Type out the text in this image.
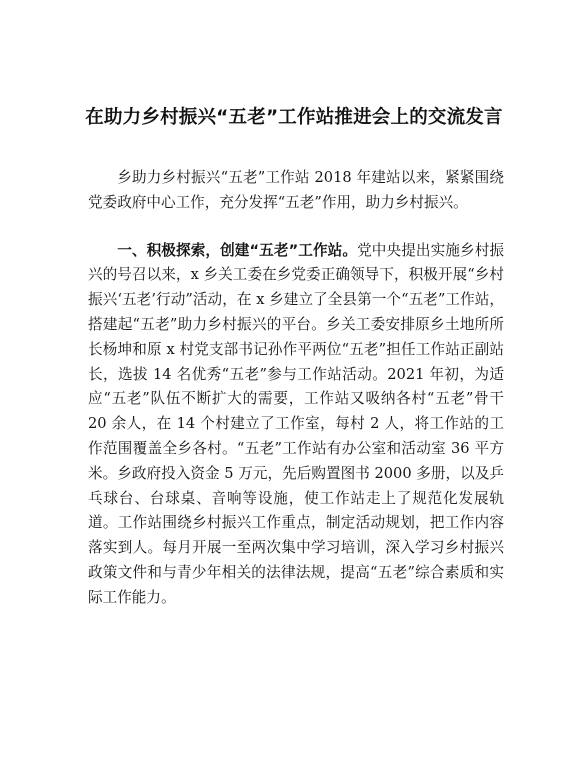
在助力乡村振兴“五老”工作站推进会上的交流发言

乡助力乡村振兴“五老”工作站 2018 年建站以来，紧紧围绕党委政府中心工作，充分发挥“五老”作用，助力乡村振兴。

一、积极探索，创建“五老”工作站。党中央提出实施乡村振兴的号召以来，x 乡关工委在乡党委正确领导下，积极开展“乡村振兴‘五老’行动”活动，在 x 乡建立了全县第一个“五老”工作站，搭建起“五老”助力乡村振兴的平台。乡关工委安排原乡土地所所长杨坤和原 x 村党支部书记孙作平两位“五老”担任工作站正副站长，选拔 14 名优秀“五老”参与工作站活动。2021 年初，为适应“五老”队伍不断扩大的需要，工作站又吸纳各村“五老”骨干 20 余人，在 14 个村建立了工作室，每村 2 人，将工作站的工作范围覆盖全乡各村。“五老”工作站有办公室和活动室 36 平方米。乡政府投入资金 5 万元，先后购置图书 2000 多册，以及乒乓球台、台球桌、音响等设施，使工作站走上了规范化发展轨道。工作站围绕乡村振兴工作重点，制定活动规划，把工作内容落实到人。每月开展一至两次集中学习培训，深入学习乡村振兴政策文件和与青少年相关的法律法规，提高“五老”综合素质和实际工作能力。
